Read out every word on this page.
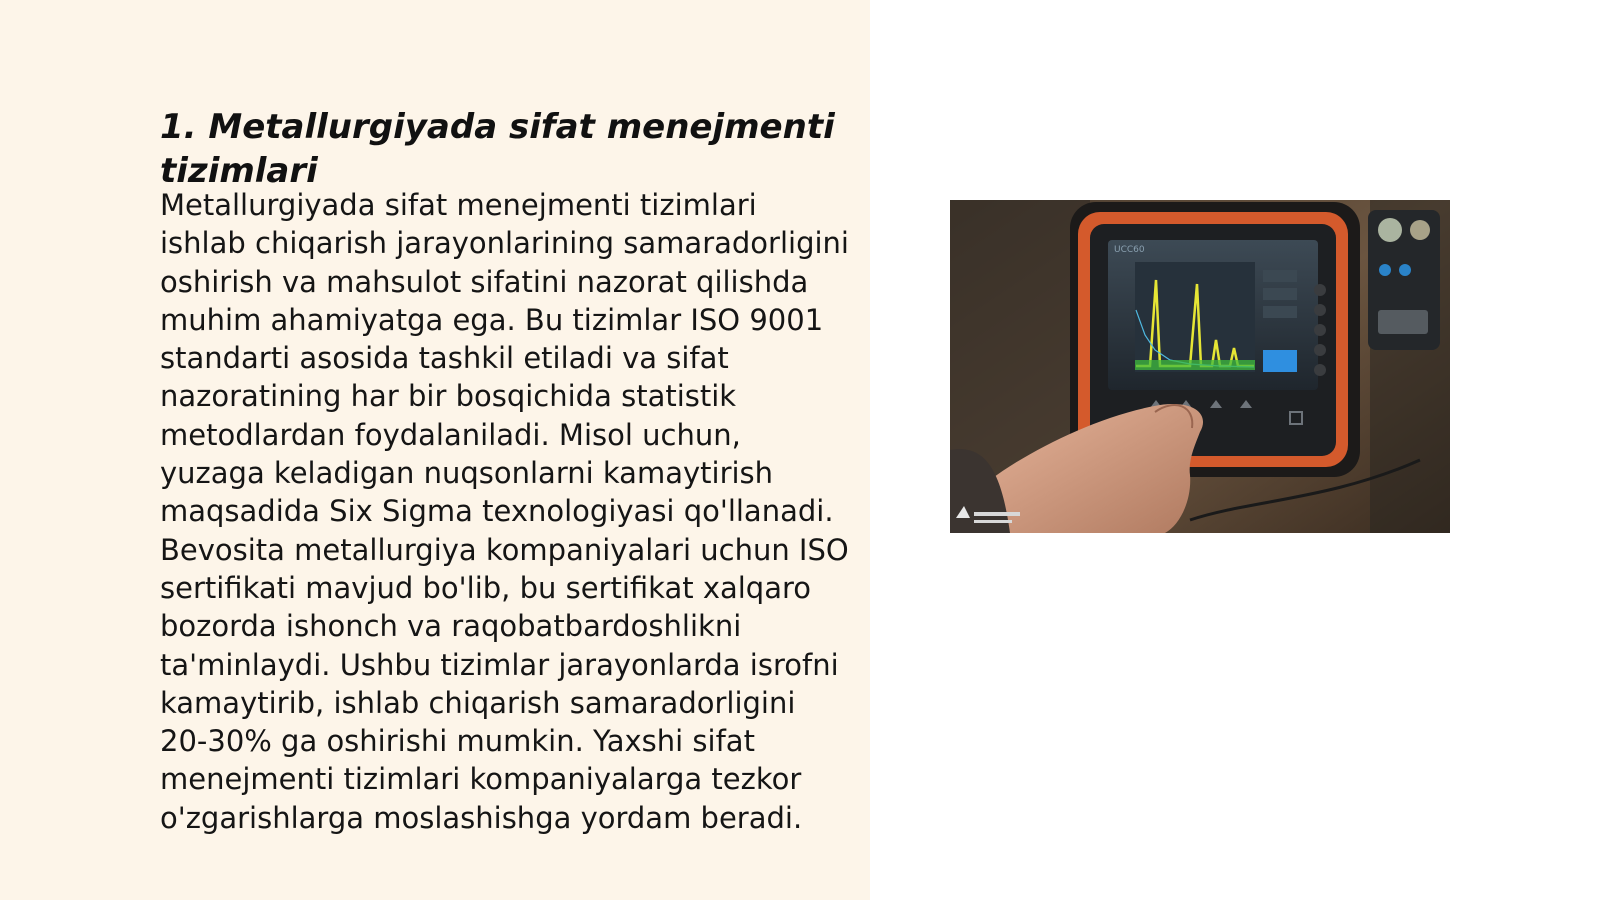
1. Metallurgiyada sifat menejmenti tizimlari

Metallurgiyada sifat menejmenti tizimlari ishlab chiqarish jarayonlarining samaradorligini oshirish va mahsulot sifatini nazorat qilishda muhim ahamiyatga ega. Bu tizimlar ISO 9001 standarti asosida tashkil etiladi va sifat nazoratining har bir bosqichida statistik metodlardan foydalaniladi. Misol uchun, yuzaga keladigan nuqsonlarni kamaytirish maqsadida Six Sigma texnologiyasi qo'llanadi. Bevosita metallurgiya kompaniyalari uchun ISO sertifikati mavjud bo'lib, bu sertifikat xalqaro bozorda ishonch va raqobatbardoshlikni ta'minlaydi. Ushbu tizimlar jarayonlarda isrofni kamaytirib, ishlab chiqarish samaradorligini 20-30% ga oshirishi mumkin. Yaxshi sifat menejmenti tizimlari kompaniyalarga tezkor o'zgarishlarga moslashishga yordam beradi.

UCC60
